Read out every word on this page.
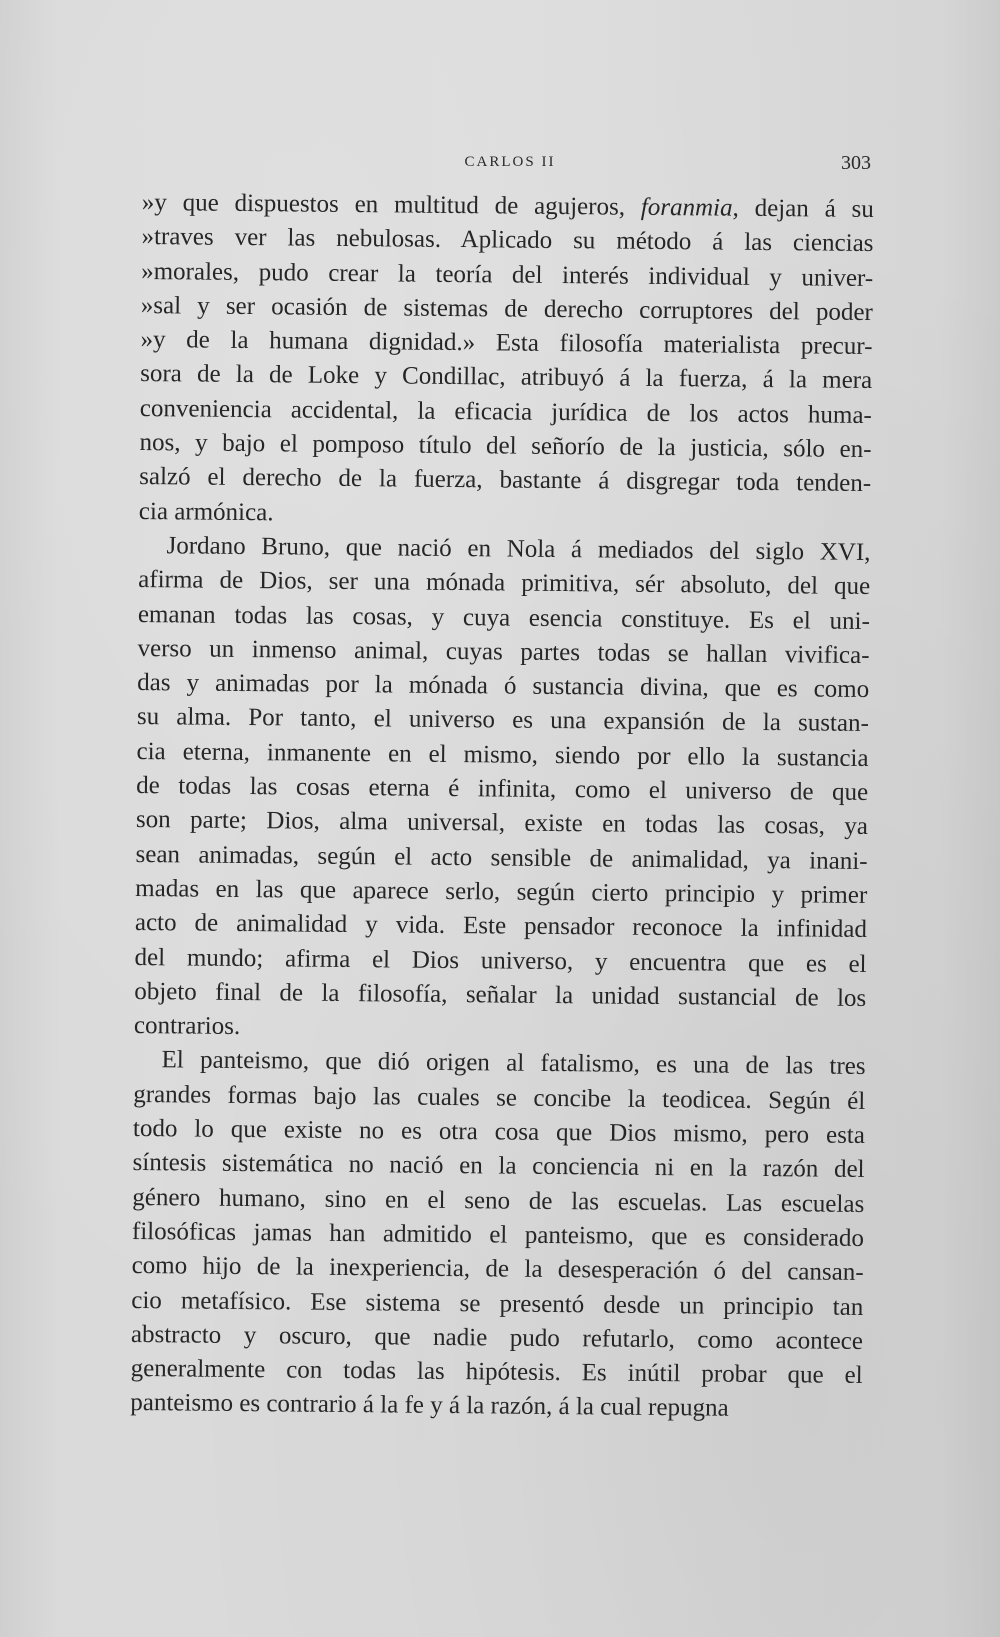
CARLOS II	303
»y que dispuestos en multitud de agujeros, foranmia, dejan á su
»traves ver las nebulosas. Aplicado su método á las ciencias
»morales, pudo crear la teoría del interés individual y univer-
»sal y ser ocasión de sistemas de derecho corruptores del poder
»y de la humana dignidad.» Esta filosofía materialista precur-
sora de la de Loke y Condillac, atribuyó á la fuerza, á la mera
conveniencia accidental, la eficacia jurídica de los actos huma-
nos, y bajo el pomposo título del señorío de la justicia, sólo en-
salzó el derecho de la fuerza, bastante á disgregar toda tenden-
cia armónica.
Jordano Bruno, que nació en Nola á mediados del siglo XVI,
afirma de Dios, ser una mónada primitiva, sér absoluto, del que
emanan todas las cosas, y cuya esencia constituye. Es el uni-
verso un inmenso animal, cuyas partes todas se hallan vivifica-
das y animadas por la mónada ó sustancia divina, que es como
su alma. Por tanto, el universo es una expansión de la sustan-
cia eterna, inmanente en el mismo, siendo por ello la sustancia
de todas las cosas eterna é infinita, como el universo de que
son parte; Dios, alma universal, existe en todas las cosas, ya
sean animadas, según el acto sensible de animalidad, ya inani-
madas en las que aparece serlo, según cierto principio y primer
acto de animalidad y vida. Este pensador reconoce la infinidad
del mundo; afirma el Dios universo, y encuentra que es el
objeto final de la filosofía, señalar la unidad sustancial de los
contrarios.
El panteismo, que dió origen al fatalismo, es una de las tres
grandes formas bajo las cuales se concibe la teodicea. Según él
todo lo que existe no es otra cosa que Dios mismo, pero esta
síntesis sistemática no nació en la conciencia ni en la razón del
género humano, sino en el seno de las escuelas. Las escuelas
filosóficas jamas han admitido el panteismo, que es considerado
como hijo de la inexperiencia, de la desesperación ó del cansan-
cio metafísico. Ese sistema se presentó desde un principio tan
abstracto y oscuro, que nadie pudo refutarlo, como acontece
generalmente con todas las hipótesis. Es inútil probar que el
panteismo es contrario á la fe y á la razón, á la cual repugna
